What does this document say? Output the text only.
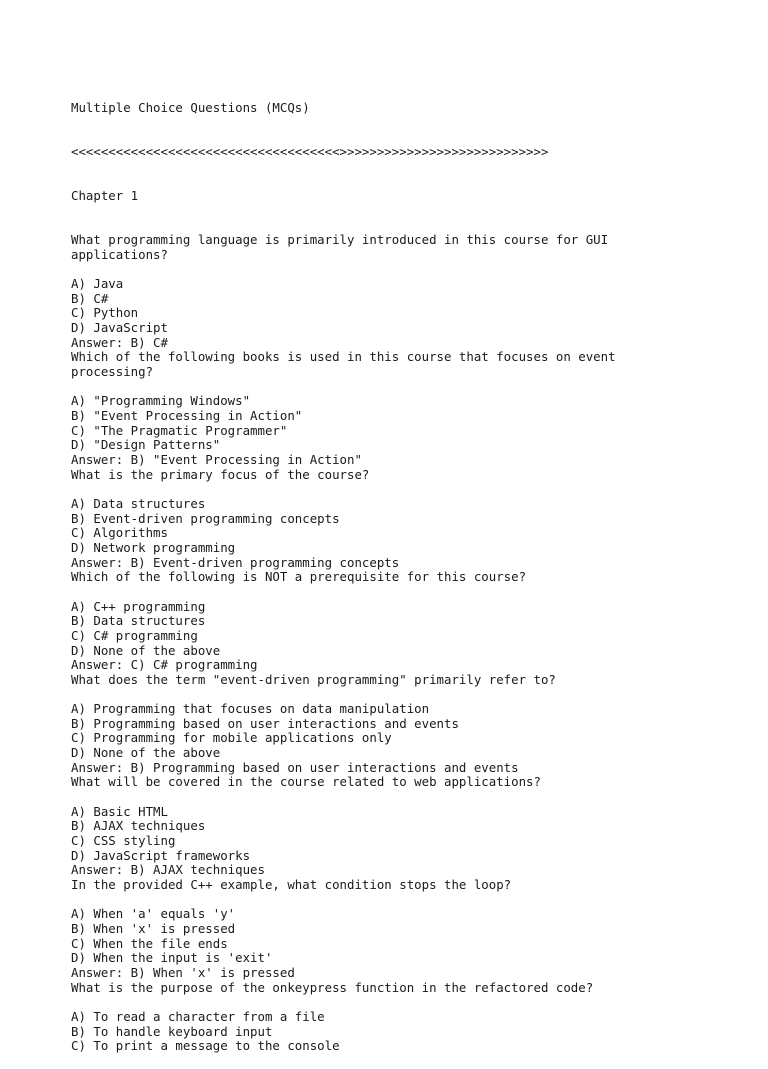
Multiple Choice Questions (MCQs)

<<<<<<<<<<<<<<<<<<<<<<<<<<<<<<<<<<<<>>>>>>>>>>>>>>>>>>>>>>>>>>>>

Chapter 1

What programming language is primarily introduced in this course for GUI
applications?
A) Java
B) C#
C) Python
D) JavaScript
Answer: B) C#
Which of the following books is used in this course that focuses on event
processing?
A) "Programming Windows"
B) "Event Processing in Action"
C) "The Pragmatic Programmer"
D) "Design Patterns"
Answer: B) "Event Processing in Action"
What is the primary focus of the course?
A) Data structures
B) Event-driven programming concepts
C) Algorithms
D) Network programming
Answer: B) Event-driven programming concepts
Which of the following is NOT a prerequisite for this course?
A) C++ programming
B) Data structures
C) C# programming
D) None of the above
Answer: C) C# programming
What does the term "event-driven programming" primarily refer to?
A) Programming that focuses on data manipulation
B) Programming based on user interactions and events
C) Programming for mobile applications only
D) None of the above
Answer: B) Programming based on user interactions and events
What will be covered in the course related to web applications?
A) Basic HTML
B) AJAX techniques
C) CSS styling
D) JavaScript frameworks
Answer: B) AJAX techniques
In the provided C++ example, what condition stops the loop?
A) When 'a' equals 'y'
B) When 'x' is pressed
C) When the file ends
D) When the input is 'exit'
Answer: B) When 'x' is pressed
What is the purpose of the onkeypress function in the refactored code?
A) To read a character from a file
B) To handle keyboard input
C) To print a message to the console
